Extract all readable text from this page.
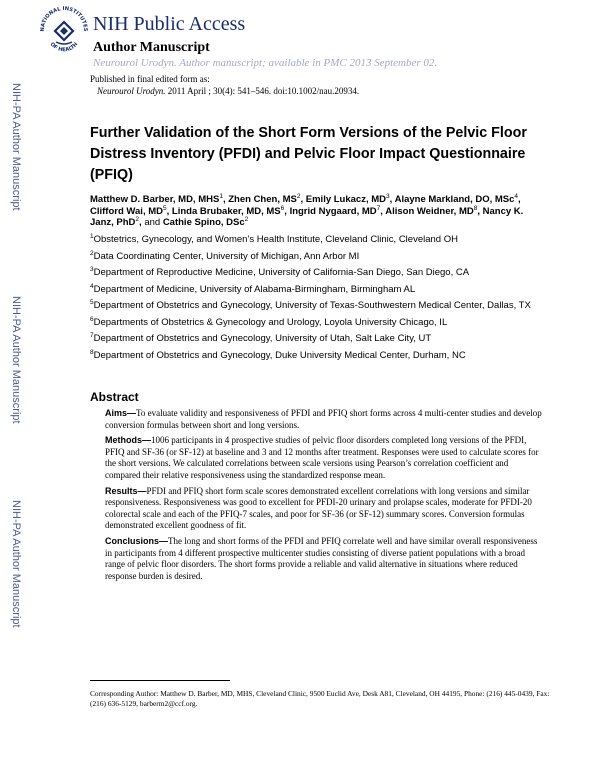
NATIONAL INSTITUTES
OF HEALTH
NIH Public Access
Author Manuscript
Neurourol Urodyn. Author manuscript; available in PMC 2013 September 02.
Published in final edited form as:
Neurourol Urodyn. 2011 April ; 30(4): 541–546. doi:10.1002/nau.20934.
NIH-PA Author Manuscript
NIH-PA Author Manuscript
NIH-PA Author Manuscript
Further Validation of the Short Form Versions of the Pelvic Floor Distress Inventory (PFDI) and Pelvic Floor Impact Questionnaire (PFIQ)
Matthew D. Barber, MD, MHS$^1$, Zhen Chen, $MS^2$, Emily Lukacz, $MD^3$, Alayne Markland, DO, MSc$^4$, Clifford Wai, $MD^5$, Linda Brubaker, MD, $MS^6$, Ingrid Nygaard, $MD^7$, Alison Weidner, $MD^8$, Nancy K. Janz, PhD$^2$, and Cathie Spino, DSc$^2$
$^1$Obstetrics, Gynecology, and Women’s Health Institute, Cleveland Clinic, Cleveland OH
$^2$Data Coordinating Center, University of Michigan, Ann Arbor MI
$^3$Department of Reproductive Medicine, University of California-San Diego, San Diego, CA
$^4$Department of Medicine, University of Alabama-Birmingham, Birmingham AL
$^5$Department of Obstetrics and Gynecology, University of Texas-Southwestern Medical Center, Dallas, TX
$^6$Departments of Obstetrics & Gynecology and Urology, Loyola University Chicago, IL
$^7$Department of Obstetrics and Gynecology, University of Utah, Salt Lake City, UT
$^8$Department of Obstetrics and Gynecology, Duke University Medical Center, Durham, NC
Abstract

Aims—To evaluate validity and responsiveness of PFDI and PFIQ short forms across 4 multi-center studies and develop conversion formulas between short and long versions.

Methods—1006 participants in 4 prospective studies of pelvic floor disorders completed long versions of the PFDI, PFIQ and SF-36 (or SF-12) at baseline and 3 and 12 months after treatment. Responses were used to calculate scores for the short versions. We calculated correlations between scale versions using Pearson’s correlation coefficient and compared their relative responsiveness using the standardized response mean.

Results—PFDI and PFIQ short form scale scores demonstrated excellent correlations with long versions and similar responsiveness. Responsiveness was good to excellent for PFDI-20 urinary and prolapse scales, moderate for PFDI-20 colorectal scale and each of the PFIQ-7 scales, and poor for SF-36 (or SF-12) summary scores. Conversion formulas demonstrated excellent goodness of fit.

Conclusions—The long and short forms of the PFDI and PFIQ correlate well and have similar overall responsiveness in participants from 4 different prospective multicenter studies consisting of diverse patient populations with a broad range of pelvic floor disorders. The short forms provide a reliable and valid alternative in situations where reduced response burden is desired.

Corresponding Author: Matthew D. Barber, MD, MHS, Cleveland Clinic, 9500 Euclid Ave, Desk A81, Cleveland, OH 44195, Phone: (216) 445-0439, Fax: (216) 636-5129, barberm2@ccf.org.
